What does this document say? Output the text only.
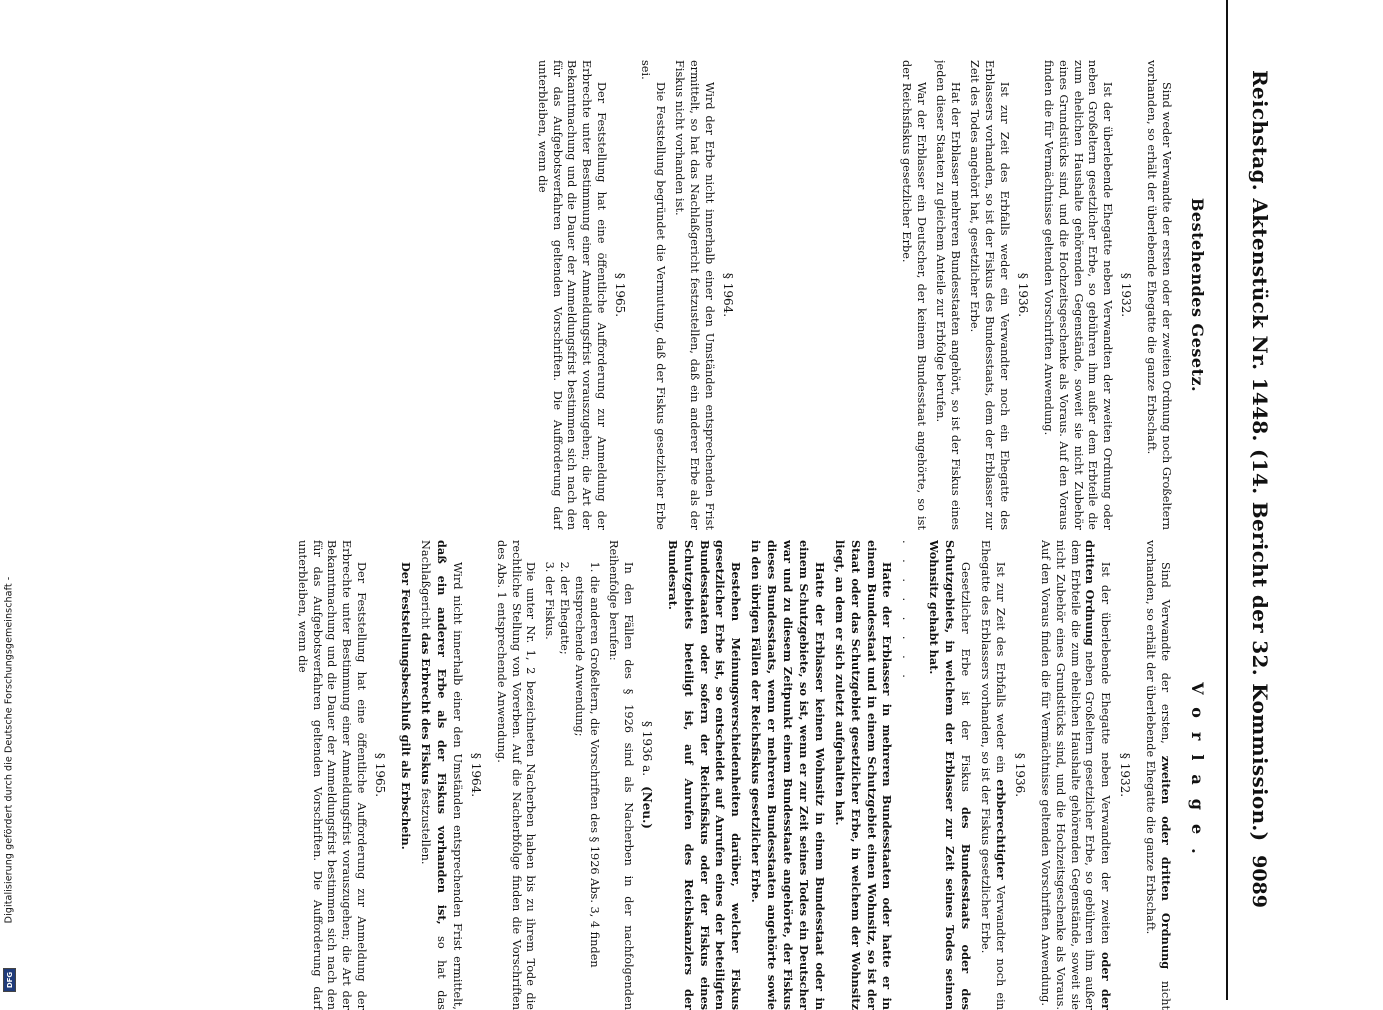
Digitalisierung gefördert durch die Deutsche Forschungsgemeinschaft -
DFG
Reichstag. Aktenstück Nr. 1448. (14. Bericht der 32. Kommission.)
9089
Bestehendes Gesetz.

Sind weder Verwandte der ersten oder der zweiten Ordnung noch Großeltern vorhanden, so erhält der überlebende Ehegatte die ganze Erbschaft.

§ 1932.

Ist der überlebende Ehegatte neben Verwandten der zweiten Ordnung oder neben Großeltern gesetzlicher Erbe, so gebühren ihm außer dem Erbteile die zum ehelichen Haushalte gehörenden Gegenstände, soweit sie nicht Zubehör eines Grundstücks sind, und die Hochzeitsgeschenke als Voraus. Auf den Voraus finden die für Vermächtnisse geltenden Vorschriften Anwendung.

§ 1936.

Ist zur Zeit des Erbfalls weder ein Verwandter noch ein Ehegatte des Erblassers vorhanden, so ist der Fiskus des Bundesstaats, dem der Erblasser zur Zeit des Todes angehört hat, gesetzlicher Erbe.

Hat der Erblasser mehreren Bundesstaaten angehört, so ist der Fiskus eines jeden dieser Staaten zu gleichem Anteile zur Erbfolge berufen.

War der Erblasser ein Deutscher, der keinem Bundesstaat angehörte, so ist der Reichsfiskus gesetzlicher Erbe.

§ 1964.

Wird der Erbe nicht innerhalb einer den Umständen entsprechenden Frist ermittelt, so hat das Nachlaßgericht festzustellen, daß ein anderer Erbe als der Fiskus nicht vorhanden ist.

Die Feststellung begründet die Vermutung, daß der Fiskus gesetzlicher Erbe sei.

§ 1965.

Der Feststellung hat eine öffentliche Aufforderung zur Anmeldung der Erbrechte unter Bestimmung einer Anmeldungsfrist vorauszugehen; die Art der Bekanntmachung und die Dauer der Anmeldungsfrist bestimmen sich nach den für das Aufgebotsverfahren geltenden Vorschriften. Die Aufforderung darf unterbleiben, wenn die

Vorlage.

Sind Verwandte der ersten, zweiten oder dritten Ordnung nicht vorhanden, so erhält der überlebende Ehegatte die ganze Erbschaft.

§ 1932.

Ist der überlebende Ehegatte neben Verwandten der zweiten oder der dritten Ordnung neben Großeltern gesetzlicher Erbe, so gebühren ihm außer dem Erbteile die zum ehelichen Haushalte gehörenden Gegenstände, soweit sie nicht Zubehör eines Grundstücks sind, und die Hochzeitsgeschenke als Voraus. Auf den Voraus finden die für Vermächtnisse geltenden Vorschriften Anwendung.

§ 1936.

Ist zur Zeit des Erbfalls weder ein erbberechtigter Verwandter noch ein Ehegatte des Erblassers vorhanden, so ist der Fiskus gesetzlicher Erbe.

Gesetzlicher Erbe ist der Fiskus des Bundesstaats oder des Schutzgebiets, in welchem der Erblasser zur Zeit seines Todes seinen Wohnsitz gehabt hat.

. . . . . . . .

Hatte der Erblasser in mehreren Bundesstaaten oder hatte er in einem Bundesstaat und in einem Schutzgebiet einen Wohnsitz, so ist der Staat oder das Schutzgebiet gesetzlicher Erbe, in welchem der Wohnsitz liegt, an dem er sich zuletzt aufgehalten hat.

Hatte der Erblasser keinen Wohnsitz in einem Bundesstaat oder in einem Schutzgebiete, so ist, wenn er zur Zeit seines Todes ein Deutscher war und zu diesem Zeitpunkt einem Bundesstaate angehörte, der Fiskus dieses Bundesstaats, wenn er mehreren Bundesstaaten angehörte sowie in den übrigen Fällen der Reichsfiskus gesetzlicher Erbe.

Bestehen Meinungsverschiedenheiten darüber, welcher Fiskus gesetzlicher Erbe ist, so entscheidet auf Anrufen eines der beteiligten Bundesstaaten oder sofern der Reichsfiskus oder der Fiskus eines Schutzgebiets beteiligt ist, auf Anrufen des Reichskanzlers der Bundesrat.

§ 1936 a.(Neu.)

In den Fällen des § 1926 sind als Nacherben in der nachfolgenden Reihenfolge berufen:

1. die anderen Großeltern, die Vorschriften des § 1926 Abs. 3, 4 finden entsprechende Anwendung;
2. der Ehegatte;
3. der Fiskus.

Die unter Nr. 1, 2 bezeichneten Nacherben haben bis zu ihrem Tode die rechtliche Stellung von Vorerben. Auf die Nacherbfolge finden die Vorschriften des Abs. 1 entsprechende Anwendung.

§ 1964.

Wird nicht innerhalb einer den Umständen entsprechenden Frist ermittelt, daß ein anderer Erbe als der Fiskus vorhanden ist, so hat das Nachlaßgericht das Erbrecht des Fiskus festzustellen.

Der Feststellungsbeschluß gilt als Erbschein.

§ 1965.

Der Feststellung hat eine öffentliche Aufforderung zur Anmeldung der Erbrechte unter Bestimmung einer Anmeldungsfrist vorauszugehen; die Art der Bekanntmachung und die Dauer der Anmeldungsfrist bestimmen sich nach den für das Aufgebotsverfahren geltenden Vorschriften. Die Aufforderung darf unterbleiben, wenn die
